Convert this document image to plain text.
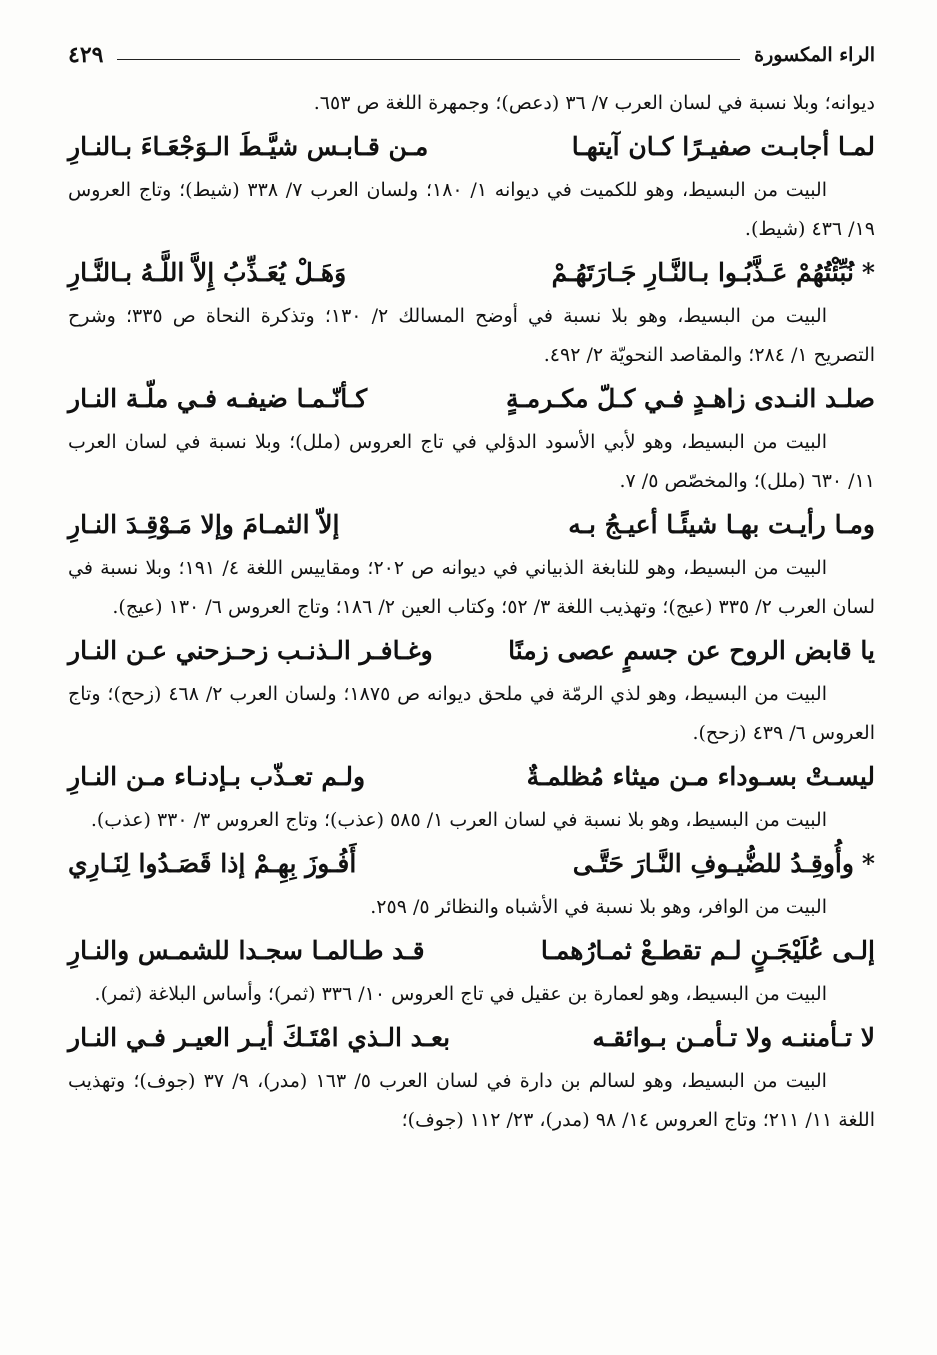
الراء المكسورة
٤٢٩

ديوانه؛ وبلا نسبة في لسان العرب ٧/ ٣٦ (دعص)؛ وجمهرة اللغة ص ٦٥٣.

لمـا أجابـت صفيـرًا كـان آيتهـا
مـن قـابـس شيَّـطَ الـوَجْعَـاءَ بـالنـارِ

البيت من البسيط، وهو للكميت في ديوانه ١/ ١٨٠؛ ولسان العرب ٧/ ٣٣٨ (شيط)؛ وتاج العروس ١٩/ ٤٣٦ (شيط).

*نُبِّئْتُهُمْ عَـذَّبُـوا بـالنَّـارِ جَـارَتَهُـمْ
وَهَـلْ يُعَـذِّبُ إِلاَّ اللَّـهُ بـالنَّـارِ

البيت من البسيط، وهو بلا نسبة في أوضح المسالك ٢/ ١٣٠؛ وتذكرة النحاة ص ٣٣٥؛ وشرح التصريح ١/ ٢٨٤؛ والمقاصد النحويّة ٢/ ٤٩٢.

صلـد النـدى زاهـدٍ فـي كـلّ مكـرمـةٍ
كـأنّـمـا ضيفـه فـي ملّـة النـار

البيت من البسيط، وهو لأبي الأسود الدؤلي في تاج العروس (ملل)؛ وبلا نسبة في لسان العرب ١١/ ٦٣٠ (ملل)؛ والمخصّص ٥/ ٧.

ومـا رأيـت بهـا شيئًـا أعيـجُ بـه
إلاّ الثمـامَ وإلا مَـوْقِـدَ النـارِ

البيت من البسيط، وهو للنابغة الذبياني في ديوانه ص ٢٠٢؛ ومقاييس اللغة ٤/ ١٩١؛ وبلا نسبة في لسان العرب ٢/ ٣٣٥ (عيج)؛ وتهذيب اللغة ٣/ ٥٢؛ وكتاب العين ٢/ ١٨٦؛ وتاج العروس ٦/ ١٣٠ (عيج).

يا قابض الروح عن جسمٍ عصى زمنًا
وغـافـر الـذنـب زحـزحني عـن النـار

البيت من البسيط، وهو لذي الرمّة في ملحق ديوانه ص ١٨٧٥؛ ولسان العرب ٢/ ٤٦٨ (زحح)؛ وتاج العروس ٦/ ٤٣٩ (زحح).

ليسـتْ بسـوداء مـن ميثاء مُظلمـةٌ
ولـم تعـذّب بـإدنـاء مـن النـارِ

البيت من البسيط، وهو بلا نسبة في لسان العرب ١/ ٥٨٥ (عذب)؛ وتاج العروس ٣/ ٣٣٠ (عذب).

*وأُوقِـدُ للضُّيـوفِ النَّـارَ حَتَّـى
أَفُـوزَ بِهِـمْ إذا قَصَـدُوا لِنَـارِي

البيت من الوافر، وهو بلا نسبة في الأشباه والنظائر ٥/ ٢٥٩.

إلـى عُلَيْجَـنٍ لـم تقطـعْ ثمـارُهمـا
قـد طـالمـا سجـدا للشمـس والنـارِ

البيت من البسيط، وهو لعمارة بن عقيل في تاج العروس ١٠/ ٣٣٦ (ثمر)؛ وأساس البلاغة (ثمر).

لا تـأمننـه ولا تـأمـن بـوائقـه
بعـد الـذي امْتَـكَ أيـر العيـر فـي النـار

البيت من البسيط، وهو لسالم بن دارة في لسان العرب ٥/ ١٦٣ (مدر)، ٩/ ٣٧ (جوف)؛ وتهذيب اللغة ١١/ ٢١١؛ وتاج العروس ١٤/ ٩٨ (مدر)، ٢٣/ ١١٢ (جوف)؛
